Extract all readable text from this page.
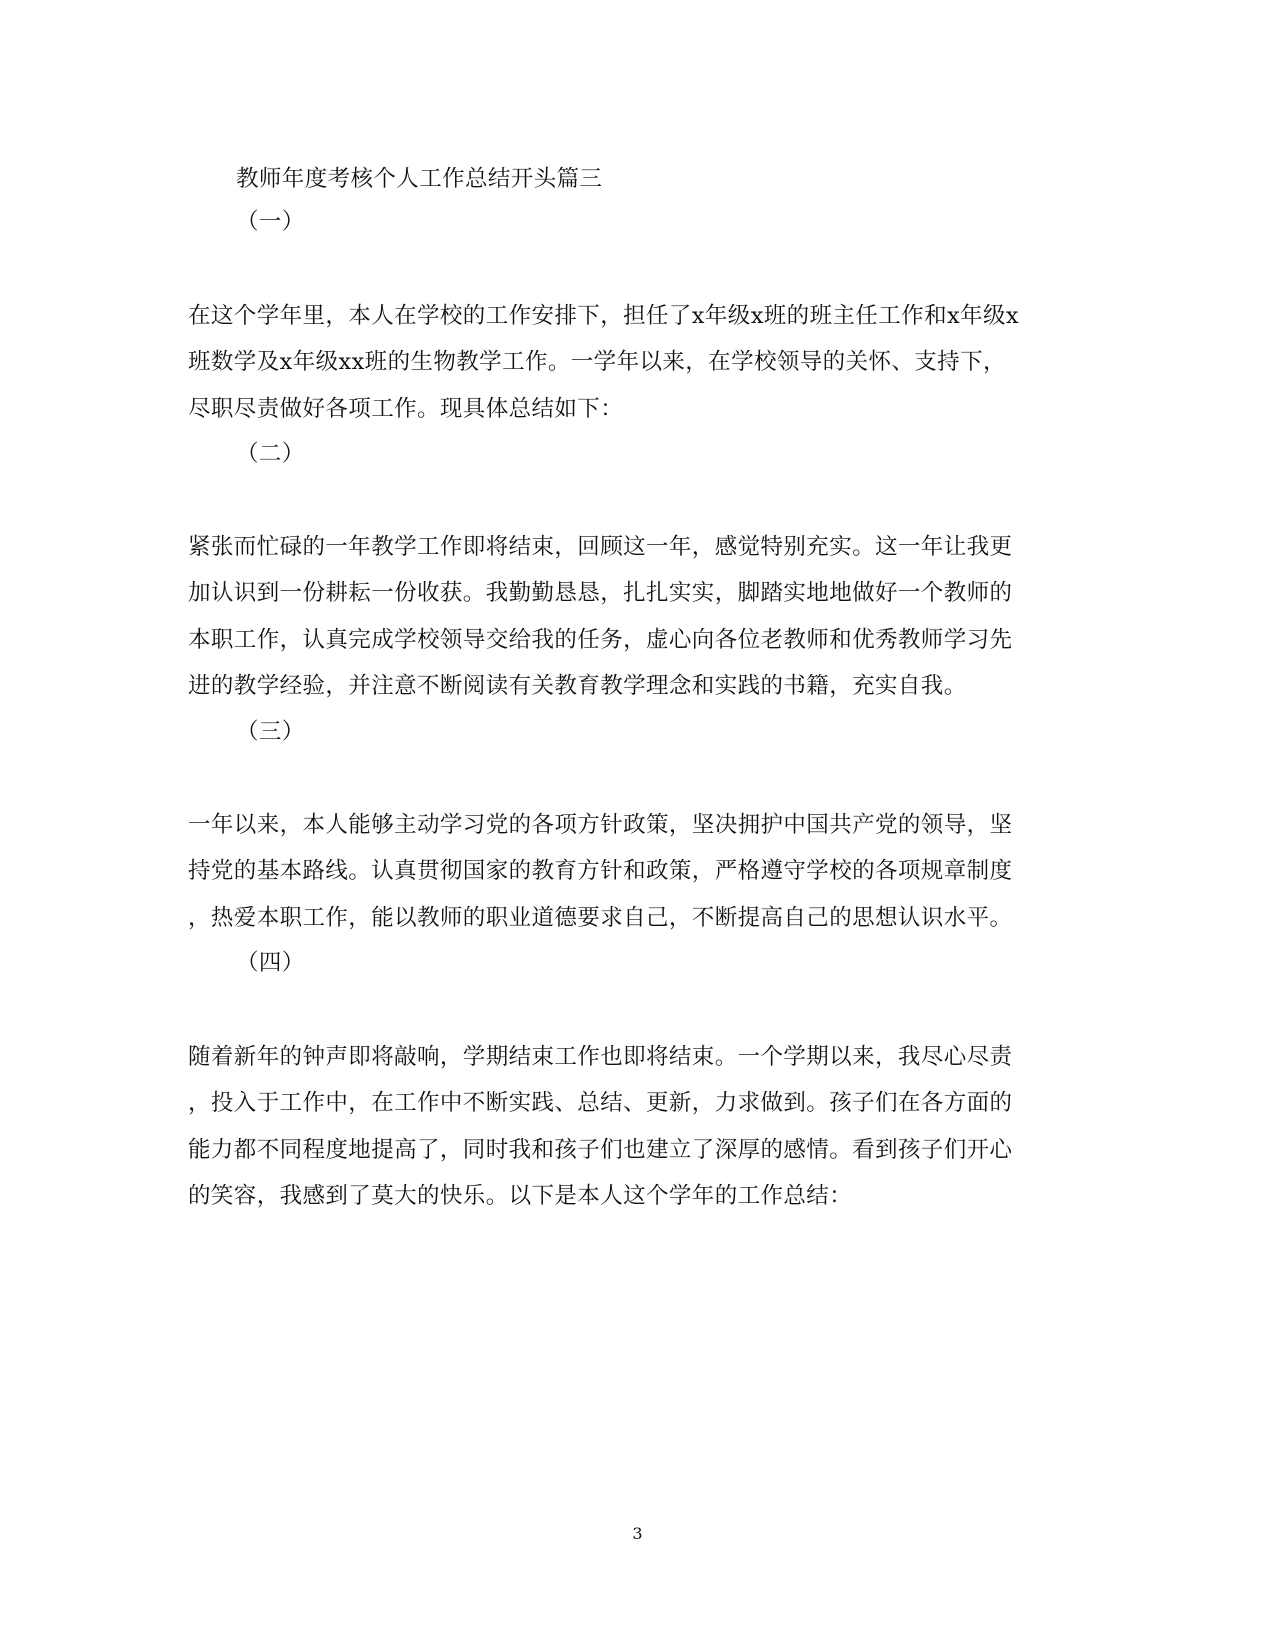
教师年度考核个人工作总结开头篇三
（一）
在这个学年里，本人在学校的工作安排下，担任了x年级x班的班主任工作和x年级x
班数学及x年级xx班的生物教学工作。一学年以来，在学校领导的关怀、支持下，
尽职尽责做好各项工作。现具体总结如下：
（二）
紧张而忙碌的一年教学工作即将结束，回顾这一年，感觉特别充实。这一年让我更
加认识到一份耕耘一份收获。我勤勤恳恳，扎扎实实，脚踏实地地做好一个教师的
本职工作，认真完成学校领导交给我的任务，虚心向各位老教师和优秀教师学习先
进的教学经验，并注意不断阅读有关教育教学理念和实践的书籍，充实自我。
（三）
一年以来，本人能够主动学习党的各项方针政策，坚决拥护中国共产党的领导，坚
持党的基本路线。认真贯彻国家的教育方针和政策，严格遵守学校的各项规章制度
，热爱本职工作，能以教师的职业道德要求自己，不断提高自己的思想认识水平。
（四）
随着新年的钟声即将敲响，学期结束工作也即将结束。一个学期以来，我尽心尽责
，投入于工作中，在工作中不断实践、总结、更新，力求做到。孩子们在各方面的
能力都不同程度地提高了，同时我和孩子们也建立了深厚的感情。看到孩子们开心
的笑容，我感到了莫大的快乐。以下是本人这个学年的工作总结：
3
